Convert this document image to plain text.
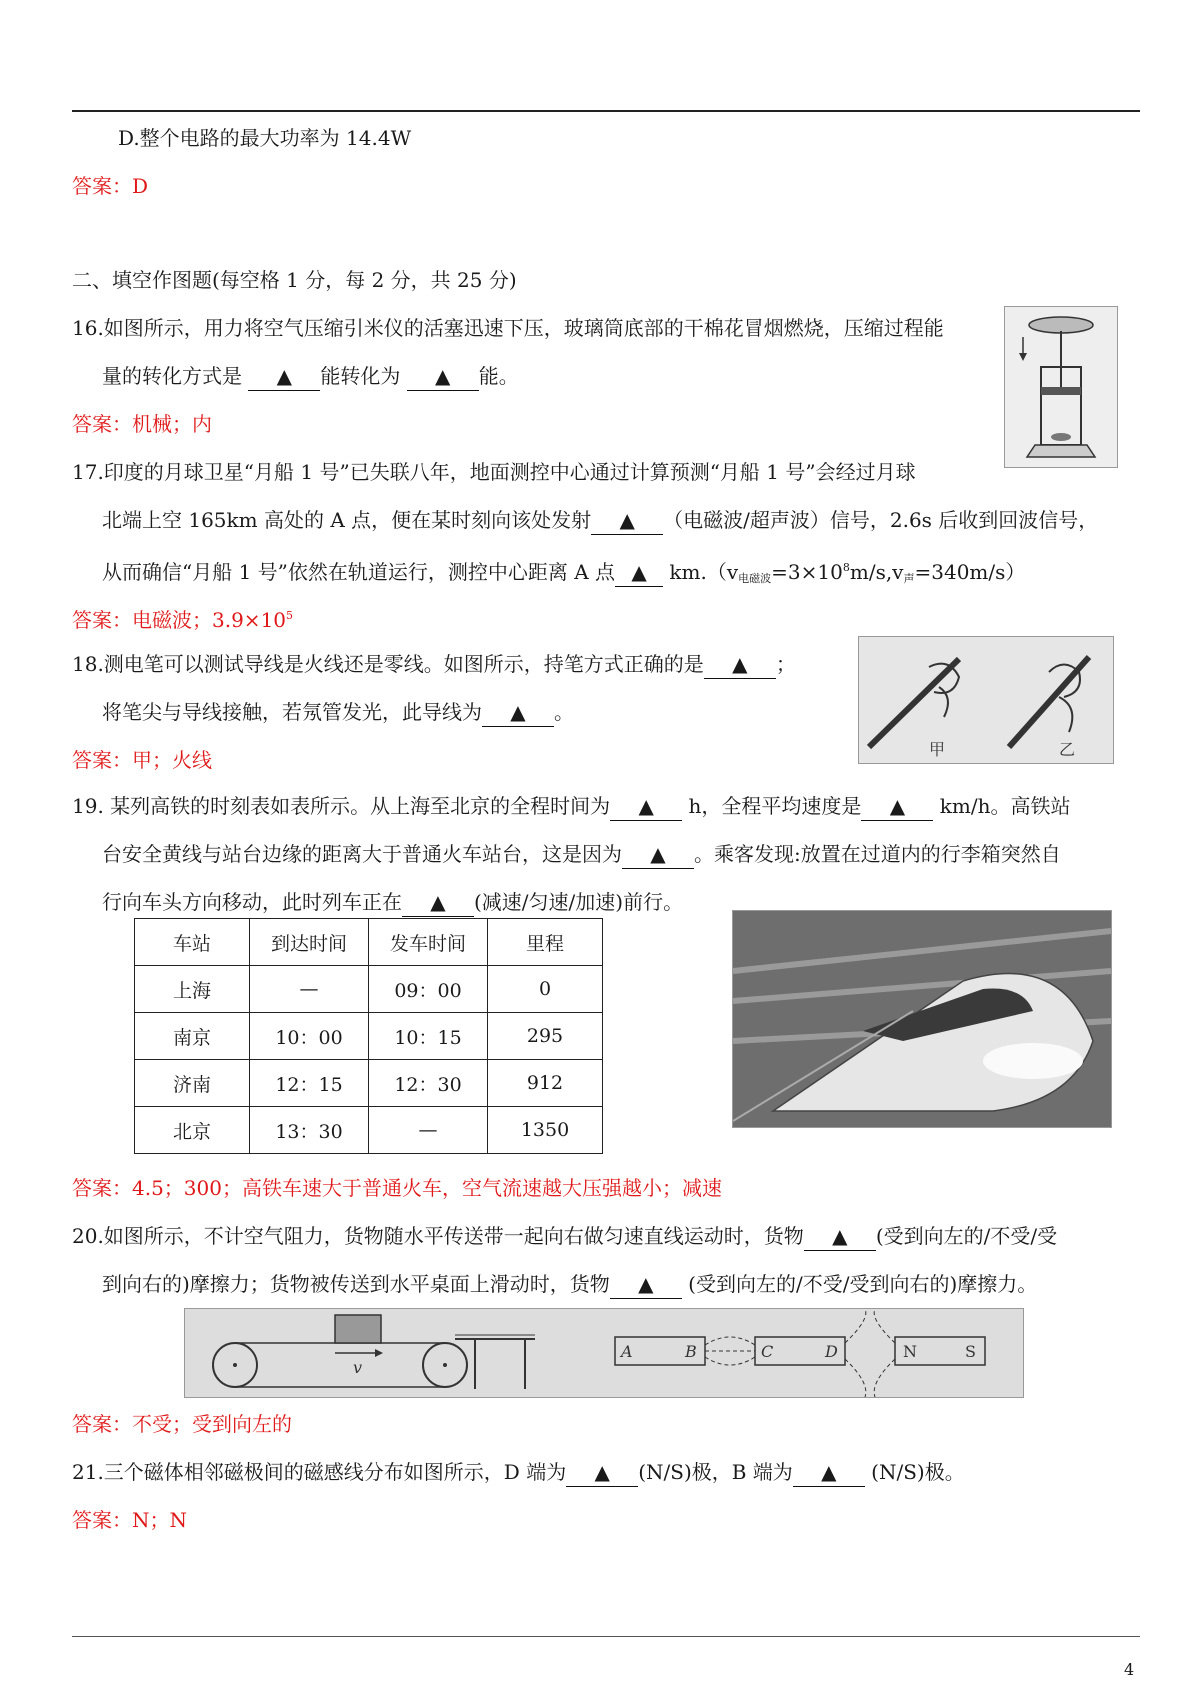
D.整个电路的最大功率为 14.4W
答案：D
二、填空作图题(每空格 1 分，每 2 分，共 25 分)
16.如图所示，用力将空气压缩引米仪的活塞迅速下压，玻璃筒底部的干棉花冒烟燃烧，压缩过程能
量的转化方式是 ▲ 能转化为 ▲ 能。
答案：机械；内
17.印度的月球卫星“月船 1 号”已失联八年，地面测控中心通过计算预测“月船 1 号”会经过月球
北端上空 165km 高处的 A 点，便在某时刻向该处发射 ▲ （电磁波/超声波）信号，2.6s 后收到回波信号，
从而确信“月船 1 号”依然在轨道运行，测控中心距离 A 点 ▲ $km.(v_{电磁波}=3\times 10^8m/s,v_声=340m/s)$
答案：电磁波；$3.9\times 10^5$
18.测电笔可以测试导线是火线还是零线。如图所示，持笔方式正确的是 ▲ ；
将笔尖与导线接触，若氖管发光，此导线为 ▲ 。
答案：甲；火线	甲	乙
19. 某列高铁的时刻表如表所示。从上海至北京的全程时间为 ▲ h，全程平均速度是 ▲ km/h。高铁站
台安全黄线与站台边缘的距离大于普通火车站台，这是因为 ▲ 。乘客发现:放置在过道内的行李箱突然自
行向车头方向移动，此时列车正在 ▲ (减速/匀速/加速)前行。
车站	到达时间	发车时间	里程
上海	—	09：00	0
南京	10：00	10：15	295
济南	12：15	12：30	912
北京	13：30	—	1350
答案：4.5；300；高铁车速大于普通火车，空气流速越大压强越小；减速
20.如图所示，不计空气阻力，货物随水平传送带一起向右做匀速直线运动时，货物 ▲ (受到向左的/不受/受
到向右的)摩擦力；货物被传送到水平桌面上滑动时，货物 ▲ (受到向左的/不受/受到向右的)摩擦力。
v
A	B	C	D	N	S
答案：不受；受到向左的
21.三个磁体相邻磁极间的磁感线分布如图所示，D 端为 ▲ (N/S)极，B 端为 ▲ (N/S)极。
答案：N；N
4
